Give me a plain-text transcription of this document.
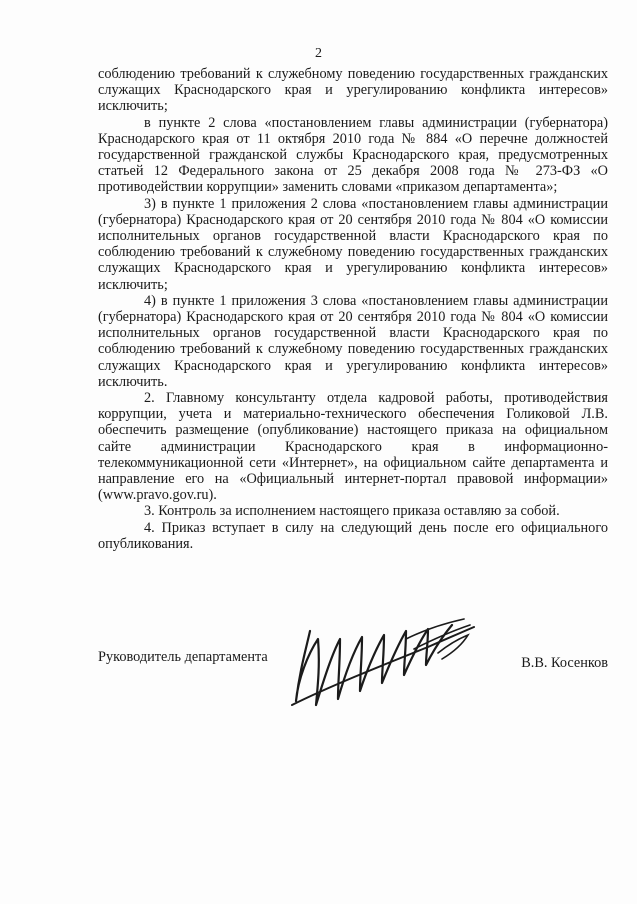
2

соблюдению требований к служебному поведению государственных гражданских служащих Краснодарского края и урегулированию конфликта интересов» исключить;

в пункте 2 слова «постановлением главы администрации (губернатора) Краснодарского края от 11 октября 2010 года № 884 «О перечне должностей государственной гражданской службы Краснодарского края, предусмотренных статьей 12 Федерального закона от 25 декабря 2008 года № 273-ФЗ «О противодействии коррупции» заменить словами «приказом департамента»;

3) в пункте 1 приложения 2 слова «постановлением главы администрации (губернатора) Краснодарского края от 20 сентября 2010 года № 804 «О комиссии исполнительных органов государственной власти Краснодарского края по соблюдению требований к служебному поведению государственных гражданских служащих Краснодарского края и урегулированию конфликта интересов» исключить;

4) в пункте 1 приложения 3 слова «постановлением главы администрации (губернатора) Краснодарского края от 20 сентября 2010 года № 804 «О комиссии исполнительных органов государственной власти Краснодарского края по соблюдению требований к служебному поведению государственных гражданских служащих Краснодарского края и урегулированию конфликта интересов» исключить.

2. Главному консультанту отдела кадровой работы, противодействия коррупции, учета и материально-технического обеспечения Голиковой Л.В. обеспечить размещение (опубликование) настоящего приказа на официальном сайте администрации Краснодарского края в информационно-телекоммуникационной сети «Интернет», на официальном сайте департамента и направление его на «Официальный интернет-портал правовой информации» (www.pravo.gov.ru).

3. Контроль за исполнением настоящего приказа оставляю за собой.

4. Приказ вступает в силу на следующий день после его официального опубликования.

Руководитель департамента	В.В. Косенков
